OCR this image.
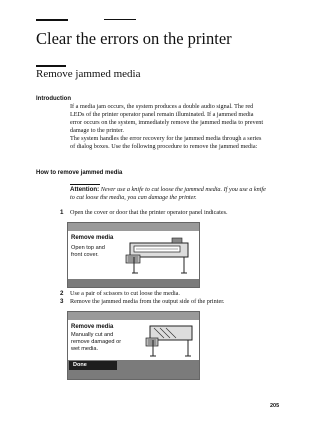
Clear the errors on the printer
Remove jammed media
Introduction

If a media jam occurs, the system produces a double audio signal. The red
LEDs of the printer operator panel remain illuminated. If a jammed media
error occurs on the system, immediately remove the jammed media to prevent
damage to the printer.
The system handles the error recovery for the jammed media through a series
of dialog boxes. Use the following procedure to remove the jammed media:

How to remove jammed media

Attention: Never use a knife to cut loose the jammed media. If you use a knife
to cut loose the media, you can damage the printer.

1 Open the cover or door that the printer operator panel indicates.
Remove media
Open top and
front cover.
2 Use a pair of scissors to cut loose the media.
3 Remove the jammed media from the output side of the printer.
Remove media
Manually cut and
remove damaged or
wet media.
Done
205
